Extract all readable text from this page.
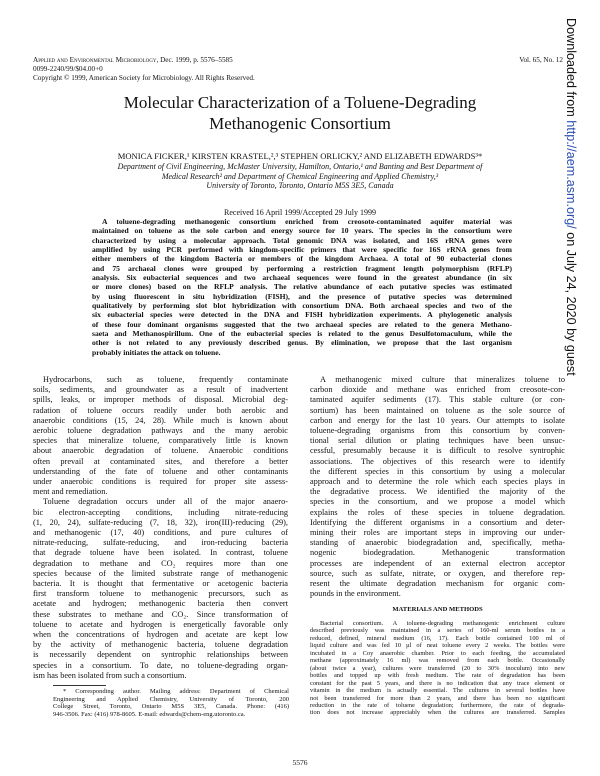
Applied and Environmental Microbiology, Dec. 1999, p. 5576–5585
0099-2240/99/$04.00+0
Copyright © 1999, American Society for Microbiology. All Rights Reserved.
Vol. 65, No. 12
Molecular Characterization of a Toluene-Degrading
Methanogenic Consortium
MONICA FICKER,¹ KIRSTEN KRASTEL,²,³ STEPHEN ORLICKY,² AND ELIZABETH EDWARDS³*
Department of Civil Engineering, McMaster University, Hamilton, Ontario,¹ and Banting and Best Department of
Medical Research² and Department of Chemical Engineering and Applied Chemistry,³
University of Toronto, Toronto, Ontario M5S 3E5, Canada
Received 16 April 1999/Accepted 29 July 1999
A toluene-degrading methanogenic consortium enriched from creosote-contaminated aquifer material was
maintained on toluene as the sole carbon and energy source for 10 years. The species in the consortium were
characterized by using a molecular approach. Total genomic DNA was isolated, and 16S rRNA genes were
amplified by using PCR performed with kingdom-specific primers that were specific for 16S rRNA genes from
either members of the kingdom Bacteria or members of the kingdom Archaea. A total of 90 eubacterial clones
and 75 archaeal clones were grouped by performing a restriction fragment length polymorphism (RFLP)
analysis. Six eubacterial sequences and two archaeal sequences were found in the greatest abundance (in six
or more clones) based on the RFLP analysis. The relative abundance of each putative species was estimated
by using fluorescent in situ hybridization (FISH), and the presence of putative species was determined
qualitatively by performing slot blot hybridization with consortium DNA. Both archaeal species and two of the
six eubacterial species were detected in the DNA and FISH hybridization experiments. A phylogenetic analysis
of these four dominant organisms suggested that the two archaeal species are related to the genera Methano-
saeta and Methanospirillum. One of the eubacterial species is related to the genus Desulfotomaculum, while the
other is not related to any previously described genus. By elimination, we propose that the last organism
probably initiates the attack on toluene.
Hydrocarbons, such as toluene, frequently contaminate
soils, sediments, and groundwater as a result of inadvertent
spills, leaks, or improper methods of disposal. Microbial deg-
radation of toluene occurs readily under both aerobic and
anaerobic conditions (15, 24, 28). While much is known about
aerobic toluene degradation pathways and the many aerobic
species that mineralize toluene, comparatively little is known
about anaerobic degradation of toluene. Anaerobic conditions
often prevail at contaminated sites, and therefore a better
understanding of the fate of toluene and other contaminants
under anaerobic conditions is required for proper site assess-
ment and remediation.
Toluene degradation occurs under all of the major anaero-
bic electron-accepting conditions, including nitrate-reducing
(1, 20, 24), sulfate-reducing (7, 18, 32), iron(III)-reducing (29),
and methanogenic (17, 40) conditions, and pure cultures of
nitrate-reducing, sulfate-reducing, and iron-reducing bacteria
that degrade toluene have been isolated. In contrast, toluene
degradation to methane and CO₂ requires more than one
species because of the limited substrate range of methanogenic
bacteria. It is thought that fermentative or acetogenic bacteria
first transform toluene to methanogenic precursors, such as
acetate and hydrogen; methanogenic bacteria then convert
these substrates to methane and CO₂. Since transformation of
toluene to acetate and hydrogen is energetically favorable only
when the concentrations of hydrogen and acetate are kept low
by the activity of methanogenic bacteria, toluene degradation
is necessarily dependent on syntrophic relationships between
species in a consortium. To date, no toluene-degrading organ-
ism has been isolated from such a consortium.
A methanogenic mixed culture that mineralizes toluene to
carbon dioxide and methane was enriched from creosote-con-
taminated aquifer sediments (17). This stable culture (or con-
sortium) has been maintained on toluene as the sole source of
carbon and energy for the last 10 years. Our attempts to isolate
toluene-degrading organisms from this consortium by conven-
tional serial dilution or plating techniques have been unsuc-
cessful, presumably because it is difficult to resolve syntrophic
associations. The objectives of this research were to identify
the different species in this consortium by using a molecular
approach and to determine the role which each species plays in
the degradative process. We identified the majority of the
species in the consortium, and we propose a model which
explains the roles of these species in toluene degradation.
Identifying the different organisms in a consortium and deter-
mining their roles are important steps in improving our under-
standing of anaerobic biodegradation and, specifically, metha-
nogenic biodegradation. Methanogenic transformation
processes are independent of an external electron acceptor
source, such as sulfate, nitrate, or oxygen, and therefore rep-
resent the ultimate degradation mechanism for organic com-
pounds in the environment.
MATERIALS AND METHODS
Bacterial consortium. A toluene-degrading methanogenic enrichment culture
described previously was maintained in a series of 160-ml serum bottles in a
reduced, defined, mineral medium (16, 17). Each bottle contained 100 ml of
liquid culture and was fed 10 µl of neat toluene every 2 weeks. The bottles were
incubated in a Coy anaerobic chamber. Prior to each feeding, the accumulated
methane (approximately 16 ml) was removed from each bottle. Occasionally
(about twice a year), cultures were transferred (20 to 30% inoculum) into new
bottles and topped up with fresh medium. The rate of degradation has been
constant for the past 5 years, and there is no indication that any trace element or
vitamin in the medium is actually essential. The cultures in several bottles have
not been transferred for more than 2 years, and there has been no significant
reduction in the rate of toluene degradation; furthermore, the rate of degrada-
tion does not increase appreciably when the cultures are transferred. Samples
* Corresponding author. Mailing address: Department of Chemical
Engineering and Applied Chemistry, University of Toronto, 200
College Street, Toronto, Ontario M5S 3E5, Canada. Phone: (416)
946-3506. Fax: (416) 978-8605. E-mail: edwards@chem-eng.utoronto.ca.
5576
Downloaded from http://aem.asm.org/ on July 24, 2020 by guest
